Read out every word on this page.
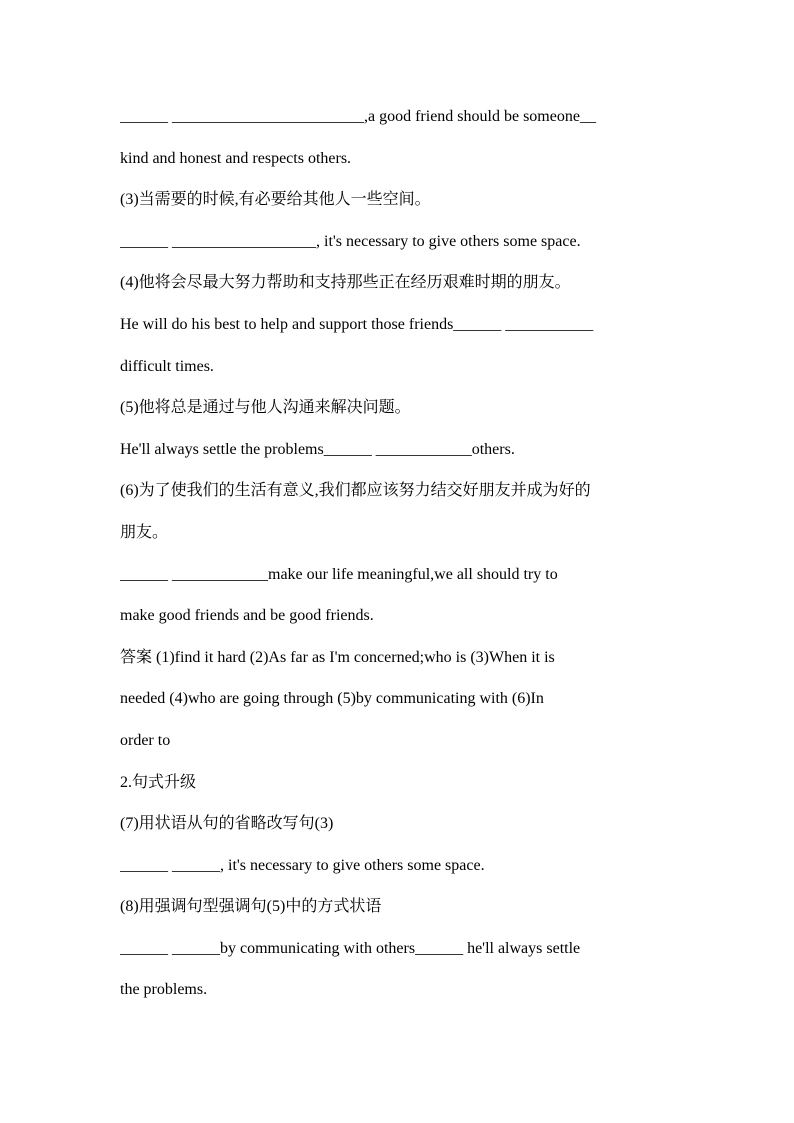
______ ________________________,a good friend should be someone__
kind and honest and respects others.
(3)当需要的时候,有必要给其他人一些空间。
______ __________________, it's necessary to give others some space.
(4)他将会尽最大努力帮助和支持那些正在经历艰难时期的朋友。
He will do his best to help and support those friends______ ___________
difficult times.
(5)他将总是通过与他人沟通来解决问题。
He'll always settle the problems______ ____________others.
(6)为了使我们的生活有意义,我们都应该努力结交好朋友并成为好的
朋友。
______ ____________make our life meaningful,we all should try to
make good friends and be good friends.
答案 (1)find it hard (2)As far as I'm concerned;who is (3)When it is
needed (4)who are going through (5)by communicating with (6)In
order to
2.句式升级
(7)用状语从句的省略改写句(3)
______ ______, it's necessary to give others some space.
(8)用强调句型强调句(5)中的方式状语
______ ______by communicating with others______ he'll always settle
the problems.
